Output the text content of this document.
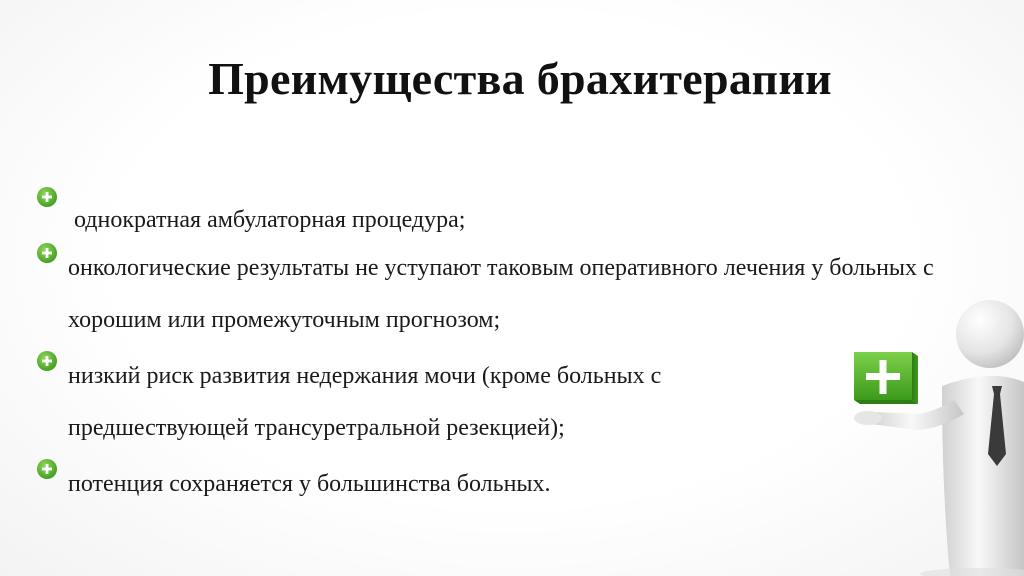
Преимущества брахитерапии
однократная амбулаторная процедура;
онкологические результаты не уступают таковым оперативного лечения у больных с хорошим или промежуточным прогнозом;
низкий риск развития недержания мочи (кроме больных с предшествующей трансуретральной резекцией);
потенция сохраняется у большинства больных.
